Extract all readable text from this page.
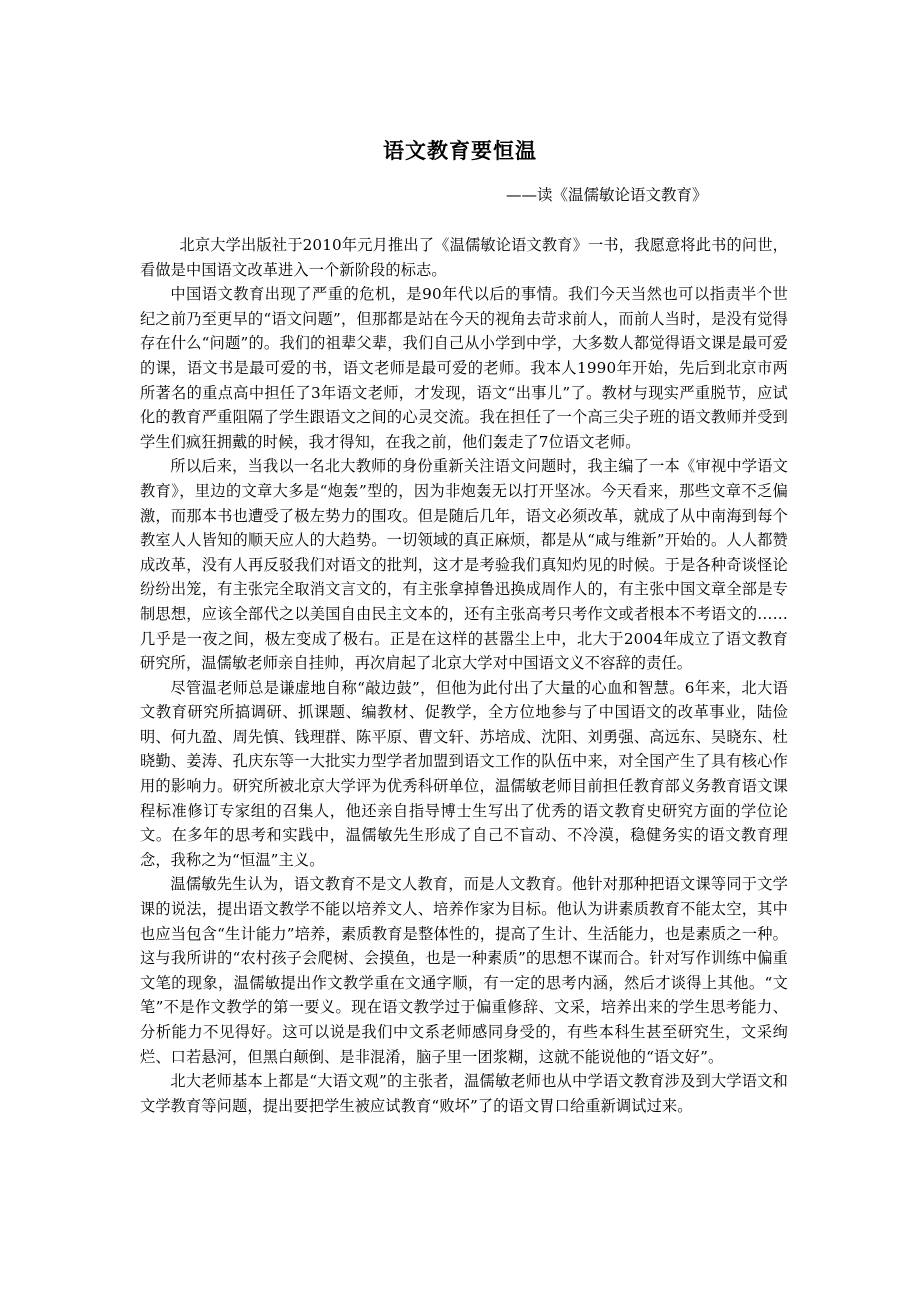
语文教育要恒温
——读《温儒敏论语文教育》

北京大学出版社于2010年元月推出了《温儒敏论语文教育》一书，我愿意将此书的问世，看做是中国语文改革进入一个新阶段的标志。

中国语文教育出现了严重的危机，是90年代以后的事情。我们今天当然也可以指责半个世纪之前乃至更早的“语文问题”，但那都是站在今天的视角去苛求前人，而前人当时，是没有觉得存在什么“问题”的。我们的祖辈父辈，我们自己从小学到中学，大多数人都觉得语文课是最可爱的课，语文书是最可爱的书，语文老师是最可爱的老师。我本人1990年开始，先后到北京市两所著名的重点高中担任了3年语文老师，才发现，语文“出事儿”了。教材与现实严重脱节，应试化的教育严重阻隔了学生跟语文之间的心灵交流。我在担任了一个高三尖子班的语文教师并受到学生们疯狂拥戴的时候，我才得知，在我之前，他们轰走了7位语文老师。

所以后来，当我以一名北大教师的身份重新关注语文问题时，我主编了一本《审视中学语文教育》，里边的文章大多是“炮轰”型的，因为非炮轰无以打开坚冰。今天看来，那些文章不乏偏激，而那本书也遭受了极左势力的围攻。但是随后几年，语文必须改革，就成了从中南海到每个教室人人皆知的顺天应人的大趋势。一切领域的真正麻烦，都是从“咸与维新”开始的。人人都赞成改革，没有人再反驳我们对语文的批判，这才是考验我们真知灼见的时候。于是各种奇谈怪论纷纷出笼，有主张完全取消文言文的，有主张拿掉鲁迅换成周作人的，有主张中国文章全部是专制思想，应该全部代之以美国自由民主文本的，还有主张高考只考作文或者根本不考语文的……几乎是一夜之间，极左变成了极右。正是在这样的甚嚣尘上中，北大于2004年成立了语文教育研究所，温儒敏老师亲自挂帅，再次肩起了北京大学对中国语文义不容辞的责任。

尽管温老师总是谦虚地自称“敲边鼓”，但他为此付出了大量的心血和智慧。6年来，北大语文教育研究所搞调研、抓课题、编教材、促教学，全方位地参与了中国语文的改革事业，陆俭明、何九盈、周先慎、钱理群、陈平原、曹文轩、苏培成、沈阳、刘勇强、高远东、吴晓东、杜晓勤、姜涛、孔庆东等一大批实力型学者加盟到语文工作的队伍中来，对全国产生了具有核心作用的影响力。研究所被北京大学评为优秀科研单位，温儒敏老师目前担任教育部义务教育语文课程标准修订专家组的召集人，他还亲自指导博士生写出了优秀的语文教育史研究方面的学位论文。在多年的思考和实践中，温儒敏先生形成了自己不盲动、不冷漠，稳健务实的语文教育理念，我称之为“恒温”主义。

温儒敏先生认为，语文教育不是文人教育，而是人文教育。他针对那种把语文课等同于文学课的说法，提出语文教学不能以培养文人、培养作家为目标。他认为讲素质教育不能太空，其中也应当包含“生计能力”培养，素质教育是整体性的，提高了生计、生活能力，也是素质之一种。这与我所讲的“农村孩子会爬树、会摸鱼，也是一种素质”的思想不谋而合。针对写作训练中偏重文笔的现象，温儒敏提出作文教学重在文通字顺，有一定的思考内涵，然后才谈得上其他。“文笔”不是作文教学的第一要义。现在语文教学过于偏重修辞、文采，培养出来的学生思考能力、分析能力不见得好。这可以说是我们中文系老师感同身受的，有些本科生甚至研究生，文采绚烂、口若悬河，但黑白颠倒、是非混淆，脑子里一团浆糊，这就不能说他的“语文好”。

北大老师基本上都是“大语文观”的主张者，温儒敏老师也从中学语文教育涉及到大学语文和文学教育等问题，提出要把学生被应试教育“败坏”了的语文胃口给重新调试过来。
